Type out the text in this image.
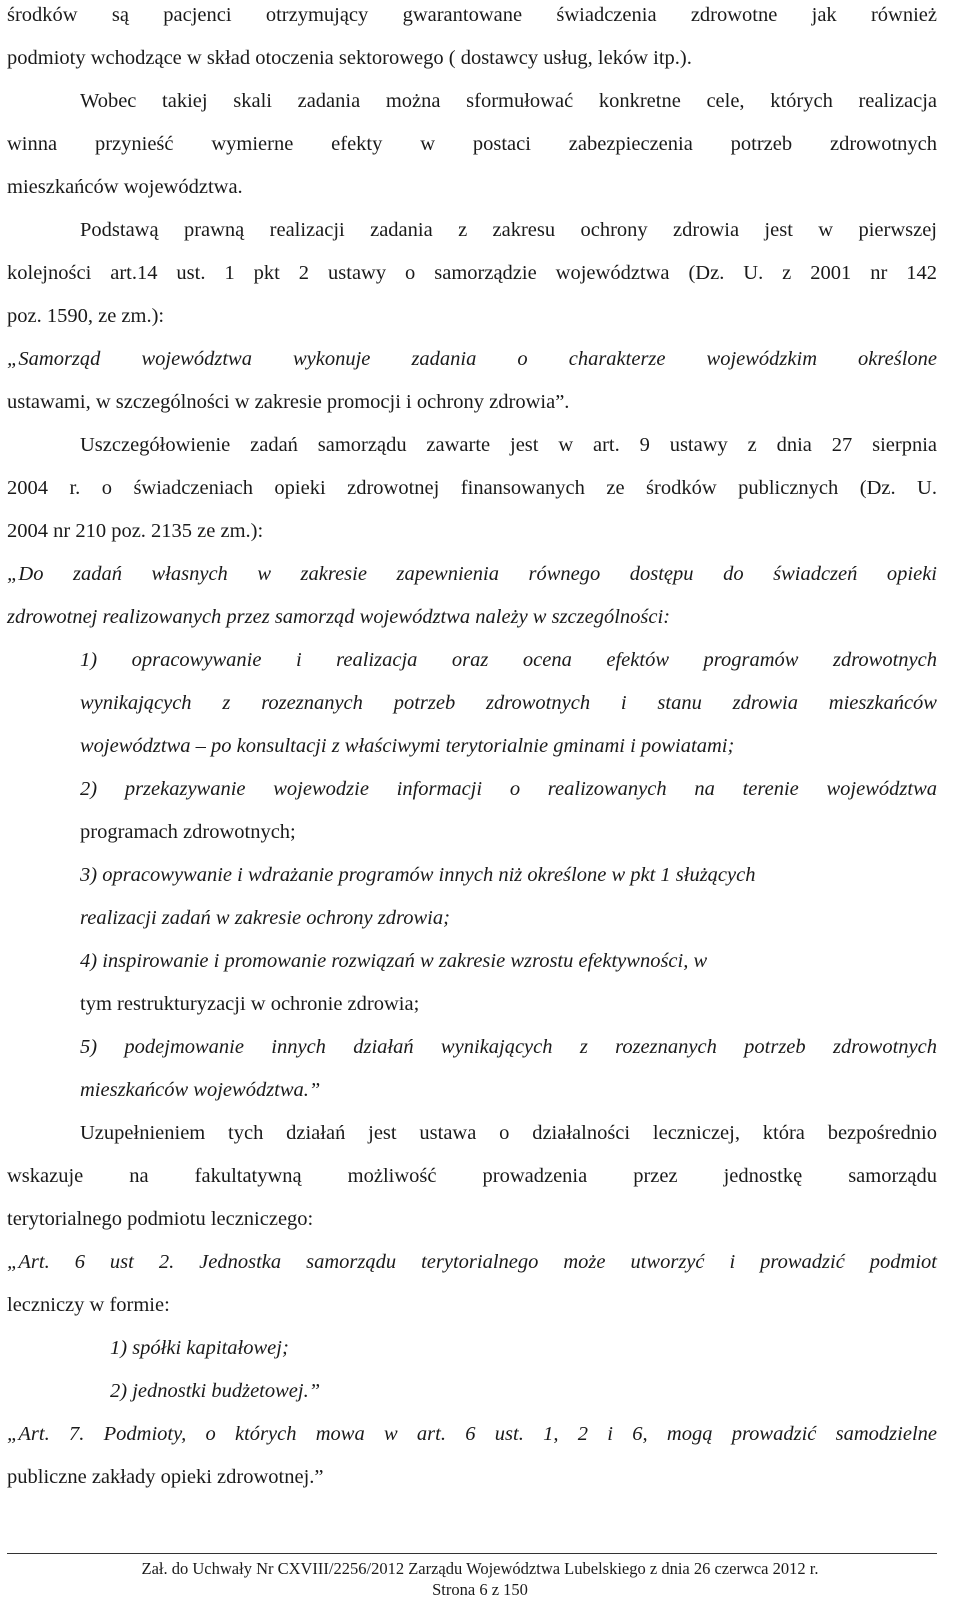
środków są pacjenci otrzymujący gwarantowane świadczenia zdrowotne jak również
podmioty wchodzące w skład otoczenia sektorowego ( dostawcy usług, leków itp.).
Wobec takiej skali zadania można sformułować konkretne cele, których realizacja
winna przynieść wymierne efekty w postaci zabezpieczenia potrzeb zdrowotnych
mieszkańców województwa.
Podstawą prawną realizacji zadania z zakresu ochrony zdrowia jest w pierwszej
kolejności art.14 ust. 1 pkt 2 ustawy o samorządzie województwa (Dz. U. z 2001 nr 142
poz. 1590, ze zm.):
„Samorząd województwa wykonuje zadania o charakterze wojewódzkim określone
ustawami, w szczególności w zakresie promocji i ochrony zdrowia”.
Uszczegółowienie zadań samorządu zawarte jest w art. 9 ustawy z dnia 27 sierpnia
2004 r. o świadczeniach opieki zdrowotnej finansowanych ze środków publicznych (Dz. U.
2004 nr 210 poz. 2135 ze zm.):
„Do zadań własnych w zakresie zapewnienia równego dostępu do świadczeń opieki
zdrowotnej realizowanych przez samorząd województwa należy w szczególności:
1) opracowywanie i realizacja oraz ocena efektów programów zdrowotnych
wynikających z rozeznanych potrzeb zdrowotnych i stanu zdrowia mieszkańców
województwa – po konsultacji z właściwymi terytorialnie gminami i powiatami;
2) przekazywanie wojewodzie informacji o realizowanych na terenie województwa
programach zdrowotnych;
3) opracowywanie i wdrażanie programów innych niż określone w pkt 1 służących
realizacji zadań w zakresie ochrony zdrowia;
4) inspirowanie i promowanie rozwiązań w zakresie wzrostu efektywności, w
tym restrukturyzacji w ochronie zdrowia;
5) podejmowanie innych działań wynikających z rozeznanych potrzeb zdrowotnych
mieszkańców województwa.”
Uzupełnieniem tych działań jest ustawa o działalności leczniczej, która bezpośrednio
wskazuje na fakultatywną możliwość prowadzenia przez jednostkę samorządu
terytorialnego podmiotu leczniczego:
„Art. 6 ust 2. Jednostka samorządu terytorialnego może utworzyć i prowadzić podmiot
leczniczy w formie:
1) spółki kapitałowej;
2) jednostki budżetowej.”
„Art. 7. Podmioty, o których mowa w art. 6 ust. 1, 2 i 6, mogą prowadzić samodzielne
publiczne zakłady opieki zdrowotnej.”
Zał. do Uchwały Nr CXVIII/2256/2012 Zarządu Województwa Lubelskiego z dnia 26 czerwca 2012 r.
Strona 6 z 150
